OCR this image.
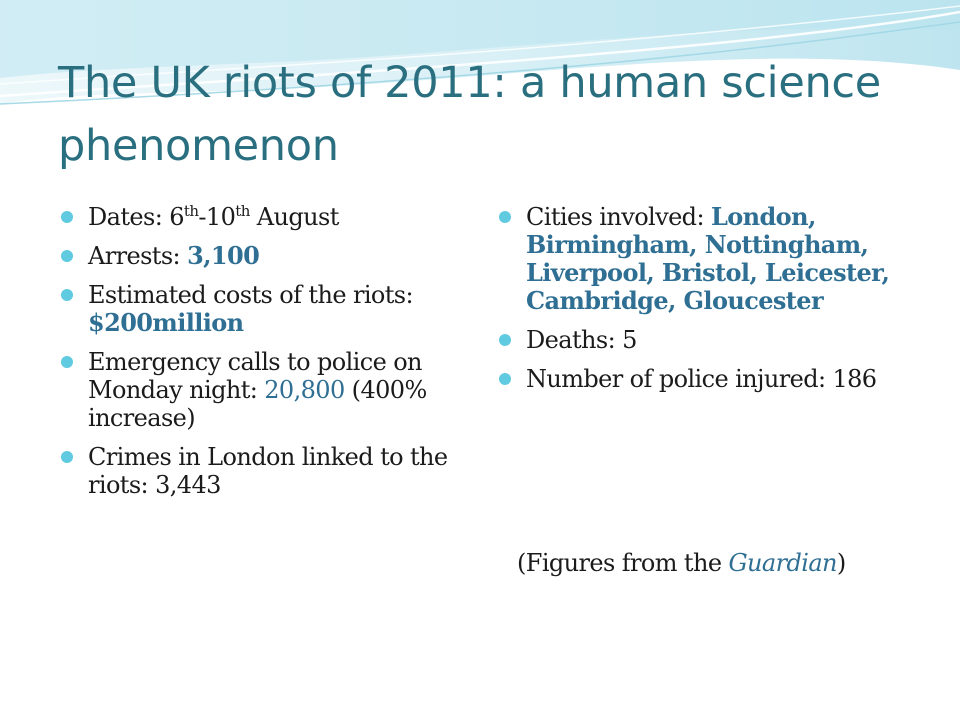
The UK riots of 2011: a human science phenomenon
Dates: 6th-10th August
Arrests: 3,100
Estimated costs of the riots: $200million
Emergency calls to police on Monday night: 20,800 (400% increase)
Crimes in London linked to the riots: 3,443
Cities involved: London, Birmingham, Nottingham, Liverpool, Bristol, Leicester, Cambridge, Gloucester
Deaths: 5
Number of police injured: 186

(Figures from the Guardian)
